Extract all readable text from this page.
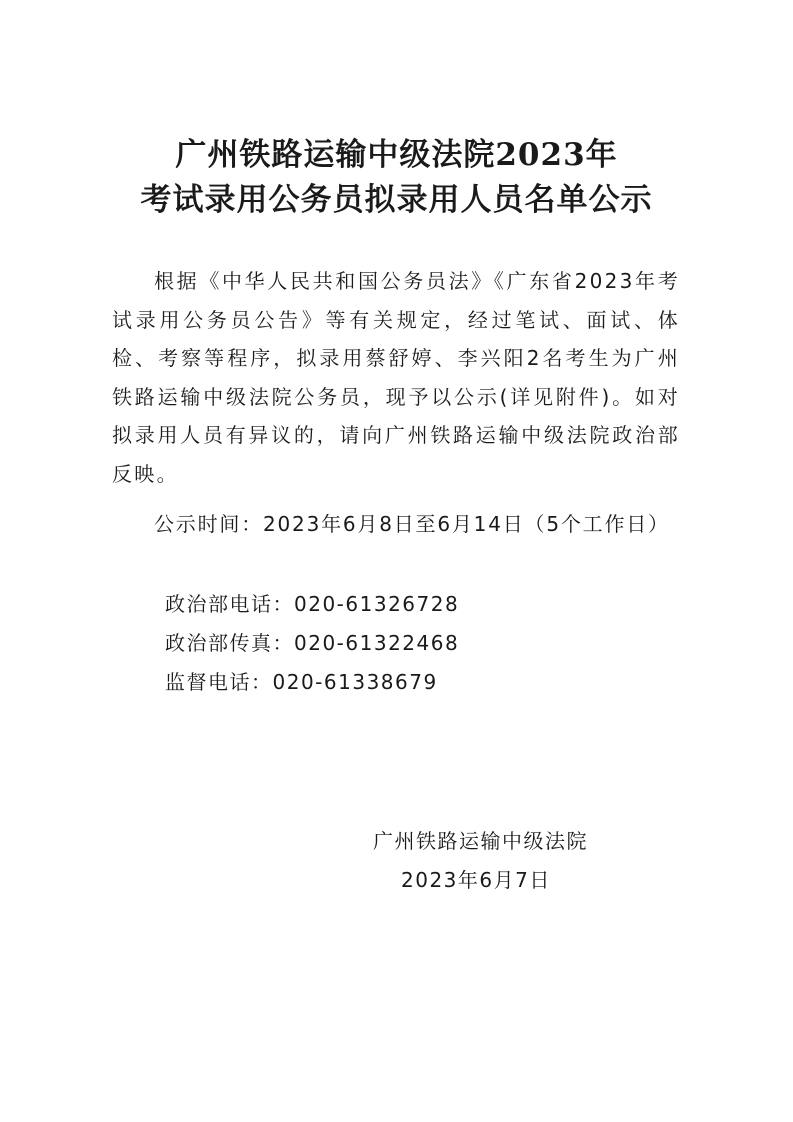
广州铁路运输中级法院2023年
考试录用公务员拟录用人员名单公示

根据《中华人民共和国公务员法》《广东省2023年考试录用公务员公告》等有关规定，经过笔试、面试、体检、考察等程序，拟录用蔡舒婷、李兴阳2名考生为广州铁路运输中级法院公务员，现予以公示(详见附件)。如对拟录用人员有异议的，请向广州铁路运输中级法院政治部反映。

公示时间：2023年6月8日至6月14日（5个工作日）

政治部电话：020-61326728

政治部传真：020-61322468

监督电话：020-61338679

广州铁路运输中级法院

2023年6月7日
